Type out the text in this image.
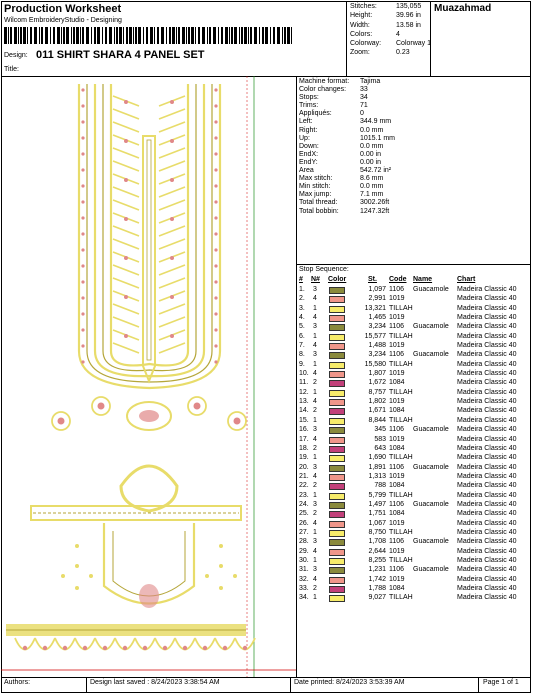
Production Worksheet
Wilcom EmbroideryStudio - Designing
Design: 011 SHIRT SHARA 4 PANEL SET
Title:
Stitches:	135,055
Height:	39.96 in
Width:	13.58 in
Colors:	4
Colorway:	Colorway 1
Zoom:	0.23
Muazahmad
Machine format:	Tajima
Color changes:	33
Stops:	34
Trims:	71
Appliqués:	0
Left:	344.9 mm
Right:	0.0 mm
Up:	1015.1 mm
Down:	0.0 mm
EndX:	0.00 in
EndY:	0.00 in
Area	542.72 in²
Max stitch:	8.6 mm
Min stitch:	0.0 mm
Max jump:	7.1 mm
Total thread:	3002.26ft
Total bobbin:	1247.32ft
Stop Sequence:
# N# Color	St. Code Name	Chart
1. 3	1,097 1106 Guacamole Madeira Classic 40
2. 4	2,991 1019	Madeira Classic 40
3. 1	13,321 TILLAH	Madeira Classic 40
4. 4	1,465 1019	Madeira Classic 40
5. 3	3,234 1106 Guacamole Madeira Classic 40
6. 1	15,577 TILLAH	Madeira Classic 40
7. 4	1,488 1019	Madeira Classic 40
8. 3	3,234 1106 Guacamole Madeira Classic 40
9. 1	15,580 TILLAH	Madeira Classic 40
10. 4	1,807 1019	Madeira Classic 40
11. 2	1,672 1084	Madeira Classic 40
12. 1	8,757 TILLAH	Madeira Classic 40
13. 4	1,802 1019	Madeira Classic 40
14. 2	1,671 1084	Madeira Classic 40
15. 1	8,844 TILLAH	Madeira Classic 40
16. 3	345 1106 Guacamole Madeira Classic 40
17. 4	583 1019	Madeira Classic 40
18. 2	643 1084	Madeira Classic 40
19. 1	1,690 TILLAH	Madeira Classic 40
20. 3	1,891 1106 Guacamole Madeira Classic 40
21. 4	1,313 1019	Madeira Classic 40
22. 2	788 1084	Madeira Classic 40
23. 1	5,799 TILLAH	Madeira Classic 40
24. 3	1,497 1106 Guacamole Madeira Classic 40
25. 2	1,751 1084	Madeira Classic 40
26. 4	1,067 1019	Madeira Classic 40
27. 1	8,750 TILLAH	Madeira Classic 40
28. 3	1,708 1106 Guacamole Madeira Classic 40
29. 4	2,644 1019	Madeira Classic 40
30. 1	8,255 TILLAH	Madeira Classic 40
31. 3	1,231 1106 Guacamole Madeira Classic 40
32. 4	1,742 1019	Madeira Classic 40
33. 2	1,788 1084	Madeira Classic 40
34. 1	9,027 TILLAH	Madeira Classic 40
Authors:	Design last saved : 8/24/2023 3:38:54 AM	Date printed: 8/24/2023 3:53:39 AM	Page 1 of 1
